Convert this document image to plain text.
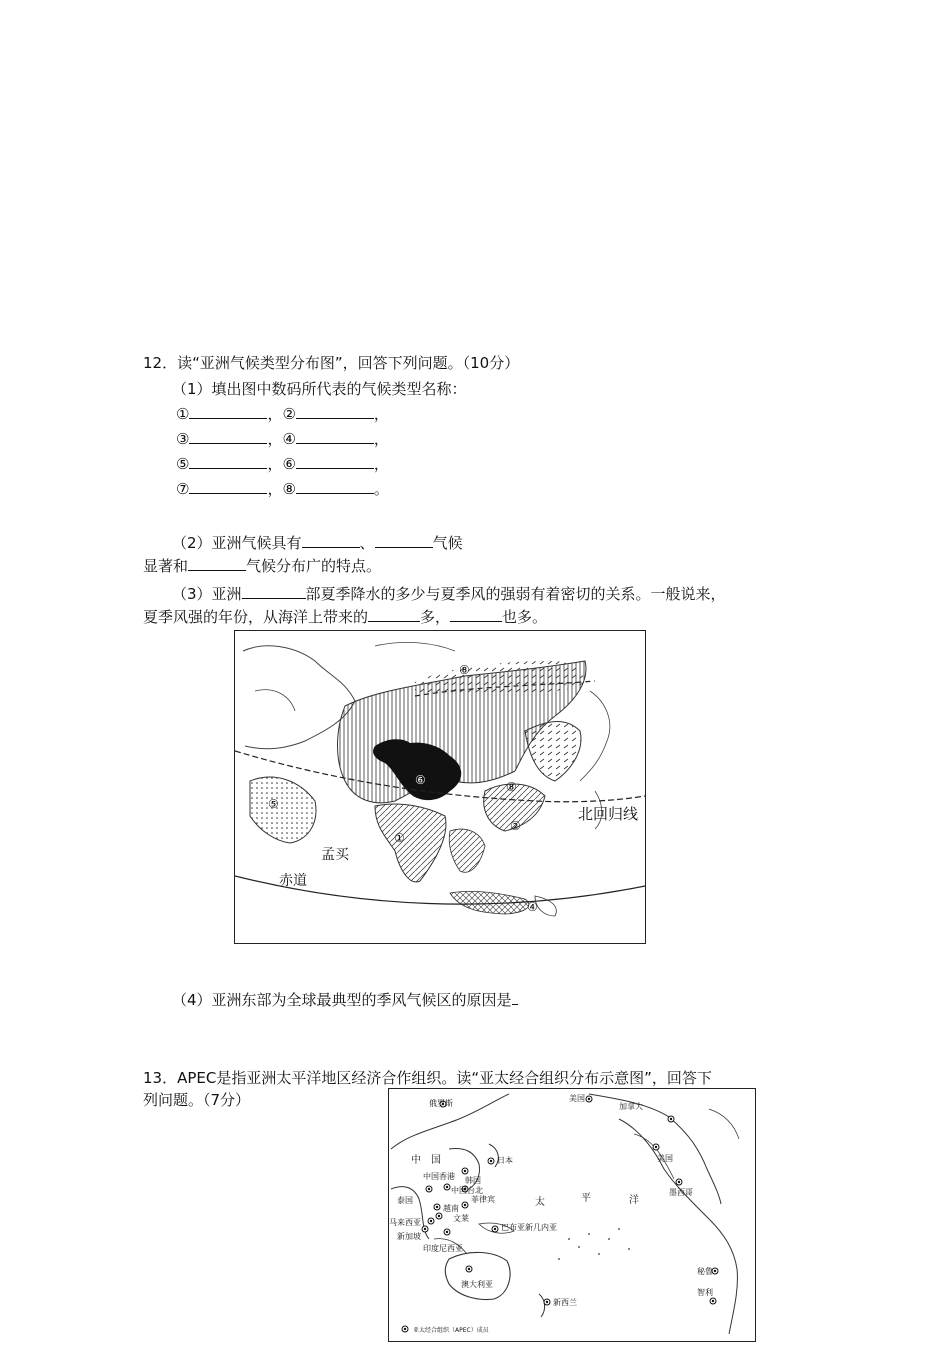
12．读“亚洲气候类型分布图”，回答下列问题。（10分）
（1）填出图中数码所代表的气候类型名称：
①	，②	，
③	，④	，
⑤	，⑥	，
⑦	，⑧	。
（2）亚洲气候具有	、	气候
显著和	气候分布广的特点。
（3）亚洲	部夏季降水的多少与夏季风的强弱有着密切的关系。一般说来，
夏季风强的年份，从海洋上带来的	多，	也多。
北回归线
孟买
赤道
①
②
④
⑤
⑥ ⑦
⑧
⑧
（4）亚洲东部为全球最典型的季风气候区的原因是
13．APEC是指亚洲太平洋地区经济合作组织。读“亚太经合组织分布示意图”，回答下
列问题。（7分）	俄罗斯
美国
加拿大
美国
中　国
韩国
日本
中国香港
中国台北
泰国
越南
菲律宾
文莱
马来西亚
新加坡
印度尼西亚
巴布亚新几内亚
澳大利亚
新西兰
墨西哥
秘鲁
智利
太	平	洋
亚太经合组织（APEC）成员
